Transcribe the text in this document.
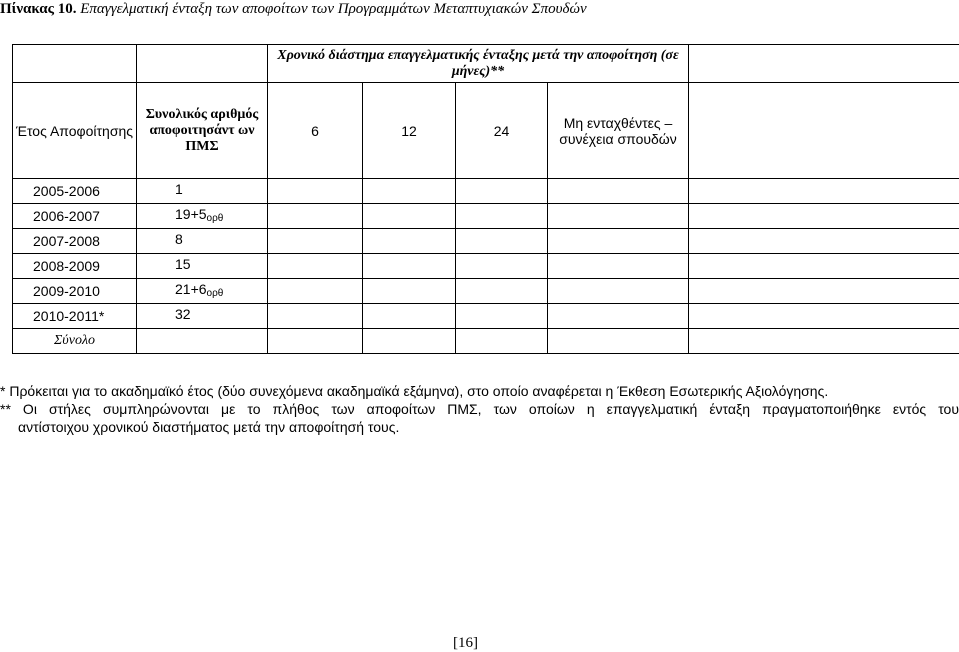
Πίνακας 10. Επαγγελματική ένταξη των αποφοίτων των Προγραμμάτων Μεταπτυχιακών Σπουδών
		Χρονικό διάστημα επαγγελματικής ένταξης μετά την αποφοίτηση (σε μήνες)**				
Έτος Αποφοίτησης	Συνολικός αριθμός αποφοιτησάντ ων ΠΜΣ	6	12	24	Μη ενταχθέντες – συνέχεια σπουδών	
2005-2006	1					
2006-2007	$19+5_{o\rho\theta}$					
2007-2008	8					
2008-2009	15					
2009-2010	$21+6_{o\rho\theta}$					
2010-2011*	32					
Σύνολο						

* Πρόκειται για το ακαδημαϊκό έτος (δύο συνεχόμενα ακαδημαϊκά εξάμηνα), στο οποίο αναφέρεται η Έκθεση Εσωτερικής Αξιολόγησης.

** Οι στήλες συμπληρώνονται με το πλήθος των αποφοίτων ΠΜΣ, των οποίων η επαγγελματική ένταξη πραγματοποιήθηκε εντός του
αντίστοιχου χρονικού διαστήματος μετά την αποφοίτησή τους.

[16]
